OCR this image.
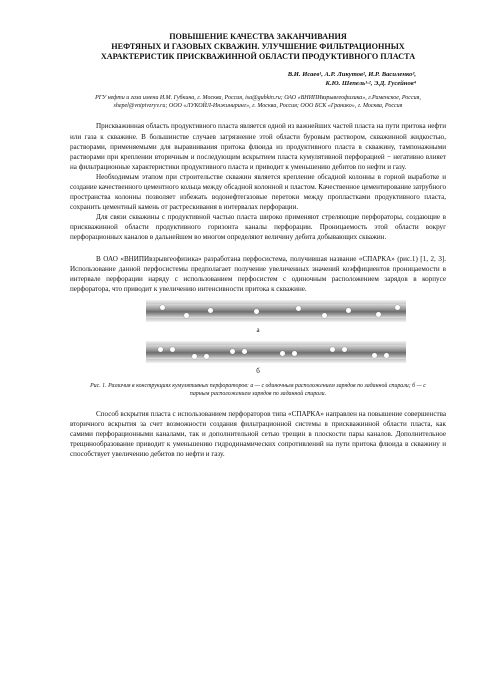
ПОВЫШЕНИЕ КАЧЕСТВА ЗАКАНЧИВАНИЯ

НЕФТЯНЫХ И ГАЗОВЫХ СКВАЖИН. УЛУЧШЕНИЕ ФИЛЬТРАЦИОННЫХ

ХАРАКТЕРИСТИК ПРИСКВАЖИННОЙ ОБЛАСТИ ПРОДУКТИВНОГО ПЛАСТА

В.И. Исаев¹, А.Р. Ликутов², И.Р. Василенко³,
К.Ю. Шепель¹·², Э.Д. Гусейнов⁴
РГУ нефти и газа имени И.М. Губкина, г. Москва, Россия, isa@gubkin.ru; ОАО «ВНИПИвзрывгеофизика», г.Раменское, Россия, shepel@vnipivzryv.ru; ООО «ЛУКОЙЛ-Инжиниринг», г. Москва, Россия; ООО БСК «Гранико», г. Москва, Россия

Прискважинная область продуктивного пласта является одной из важнейших частей пласта на пути притока нефти или газа к скважине. В большинстве случаев загрязнение этой области буровым раствором, скважинной жидкостью, растворами, применяемыми для выравнивания притока флюида из продуктивного пласта в скважину, тампонажными растворами при креплении вторичным и последующим вскрытием пласта кумулятивной перфорацией − негативно влияет на фильтрационные характеристики продуктивного пласта и приводит к уменьшению дебитов по нефти и газу.

Необходимым этапом при строительстве скважин является крепление обсадной колонны в горной выработке и создание качественного цементного кольца между обсадной колонной и пластом. Качественное цементирование затрубного пространства колонны позволяет избежать водонефтегазовые перетоки между пропластками продуктивного пласта, сохранить цементный камень от растрескивания в интервалах перфорации.

Для связи скважины с продуктивной частью пласта широко применяют стреляющие перфораторы, создающие в прискважинной области продуктивного горизонта каналы перфорации. Проницаемость этой области вокруг перфорационных каналов в дальнейшем во многом определяют величину дебита добывающих скважин.

В ОАО «ВНИПИвзрывгеофизика» разработана перфосистема, получившая название «СПАРКА» (рис.1) [1, 2, 3]. Использование данной перфосистемы предполагает получение увеличенных значений коэффициентов проницаемости в интервале перфорации наряду с использованием перфосистем с одиночным расположением зарядов в корпусе перфоратора, что приводит к увеличению интенсивности притока к скважине.

а
б
Рис. 1. Различия в конструкциях кумулятивных перфораторов: а — с одиночным расположением зарядов по заданной спирали; б — с парным расположением зарядов по заданной спирали.

Способ вскрытия пласта с использованием перфораторов типа «СПАРКА» направлен на повышение совершенства вторичного вскрытия за счет возможности создания фильтрационной системы в прискважинной области пласта, как самими перфорационными каналами, так и дополнительной сетью трещин в плоскости пары каналов. Дополнительное трещинообразование приводит к уменьшению гидродинамических сопротивлений на пути притока флюида в скважину и способствует увеличению дебитов по нефти и газу.
